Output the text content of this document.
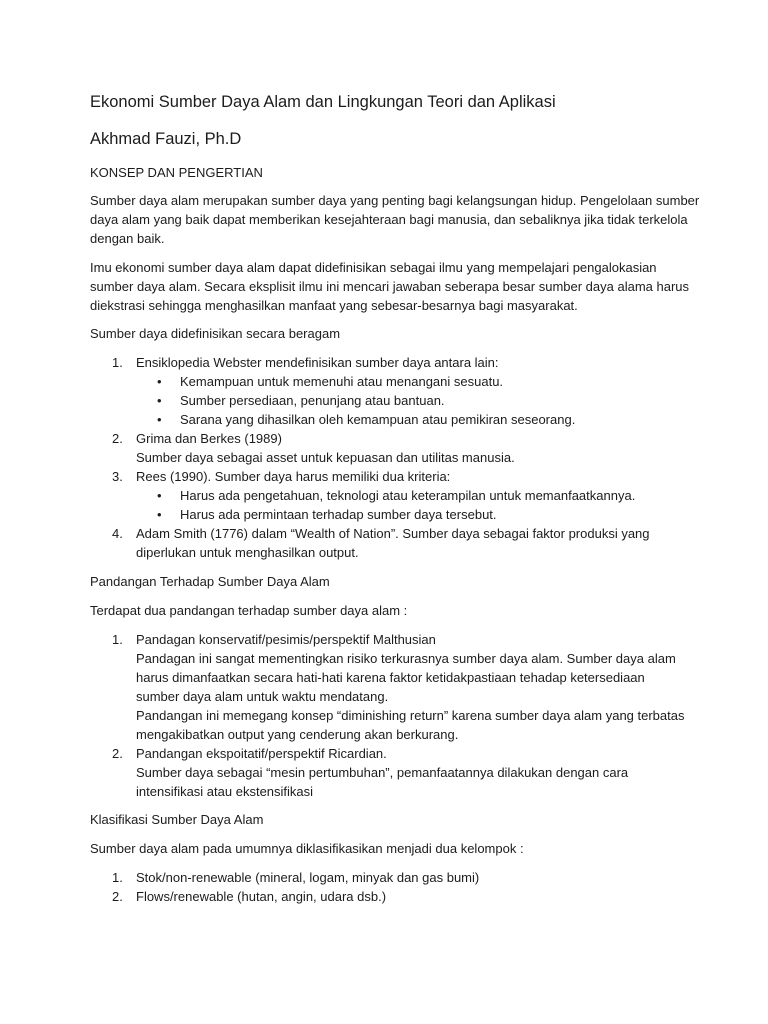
Ekonomi Sumber Daya Alam dan Lingkungan Teori dan Aplikasi
Akhmad Fauzi, Ph.D
KONSEP DAN PENGERTIAN
Sumber daya alam merupakan sumber daya yang penting bagi kelangsungan hidup. Pengelolaan sumber
daya alam yang baik dapat memberikan kesejahteraan bagi manusia, dan sebaliknya jika tidak terkelola
dengan baik.
Imu ekonomi sumber daya alam dapat didefinisikan sebagai ilmu yang mempelajari pengalokasian
sumber daya alam. Secara eksplisit ilmu ini mencari jawaban seberapa besar sumber daya alama harus
diekstrasi sehingga menghasilkan manfaat yang sebesar-besarnya bagi masyarakat.
Sumber daya didefinisikan secara beragam
1. Ensiklopedia Webster mendefinisikan sumber daya antara lain:
• Kemampuan untuk memenuhi atau menangani sesuatu.
• Sumber persediaan, penunjang atau bantuan.
• Sarana yang dihasilkan oleh kemampuan atau pemikiran seseorang.
2. Grima dan Berkes (1989)
Sumber daya sebagai asset untuk kepuasan dan utilitas manusia.
3. Rees (1990). Sumber daya harus memiliki dua kriteria:
• Harus ada pengetahuan, teknologi atau keterampilan untuk memanfaatkannya.
• Harus ada permintaan terhadap sumber daya tersebut.
4. Adam Smith (1776) dalam “Wealth of Nation”. Sumber daya sebagai faktor produksi yang
diperlukan untuk menghasilkan output.
Pandangan Terhadap Sumber Daya Alam
Terdapat dua pandangan terhadap sumber daya alam :
1. Pandagan konservatif/pesimis/perspektif Malthusian
Pandagan ini sangat mementingkan risiko terkurasnya sumber daya alam. Sumber daya alam
harus dimanfaatkan secara hati-hati karena faktor ketidakpastiaan tehadap ketersediaan
sumber daya alam untuk waktu mendatang.
Pandangan ini memegang konsep “diminishing return” karena sumber daya alam yang terbatas
mengakibatkan output yang cenderung akan berkurang.
2. Pandangan ekspoitatif/perspektif Ricardian.
Sumber daya sebagai “mesin pertumbuhan”, pemanfaatannya dilakukan dengan cara
intensifikasi atau ekstensifikasi
Klasifikasi Sumber Daya Alam
Sumber daya alam pada umumnya diklasifikasikan menjadi dua kelompok :
1. Stok/non-renewable (mineral, logam, minyak dan gas bumi)
2. Flows/renewable (hutan, angin, udara dsb.)
